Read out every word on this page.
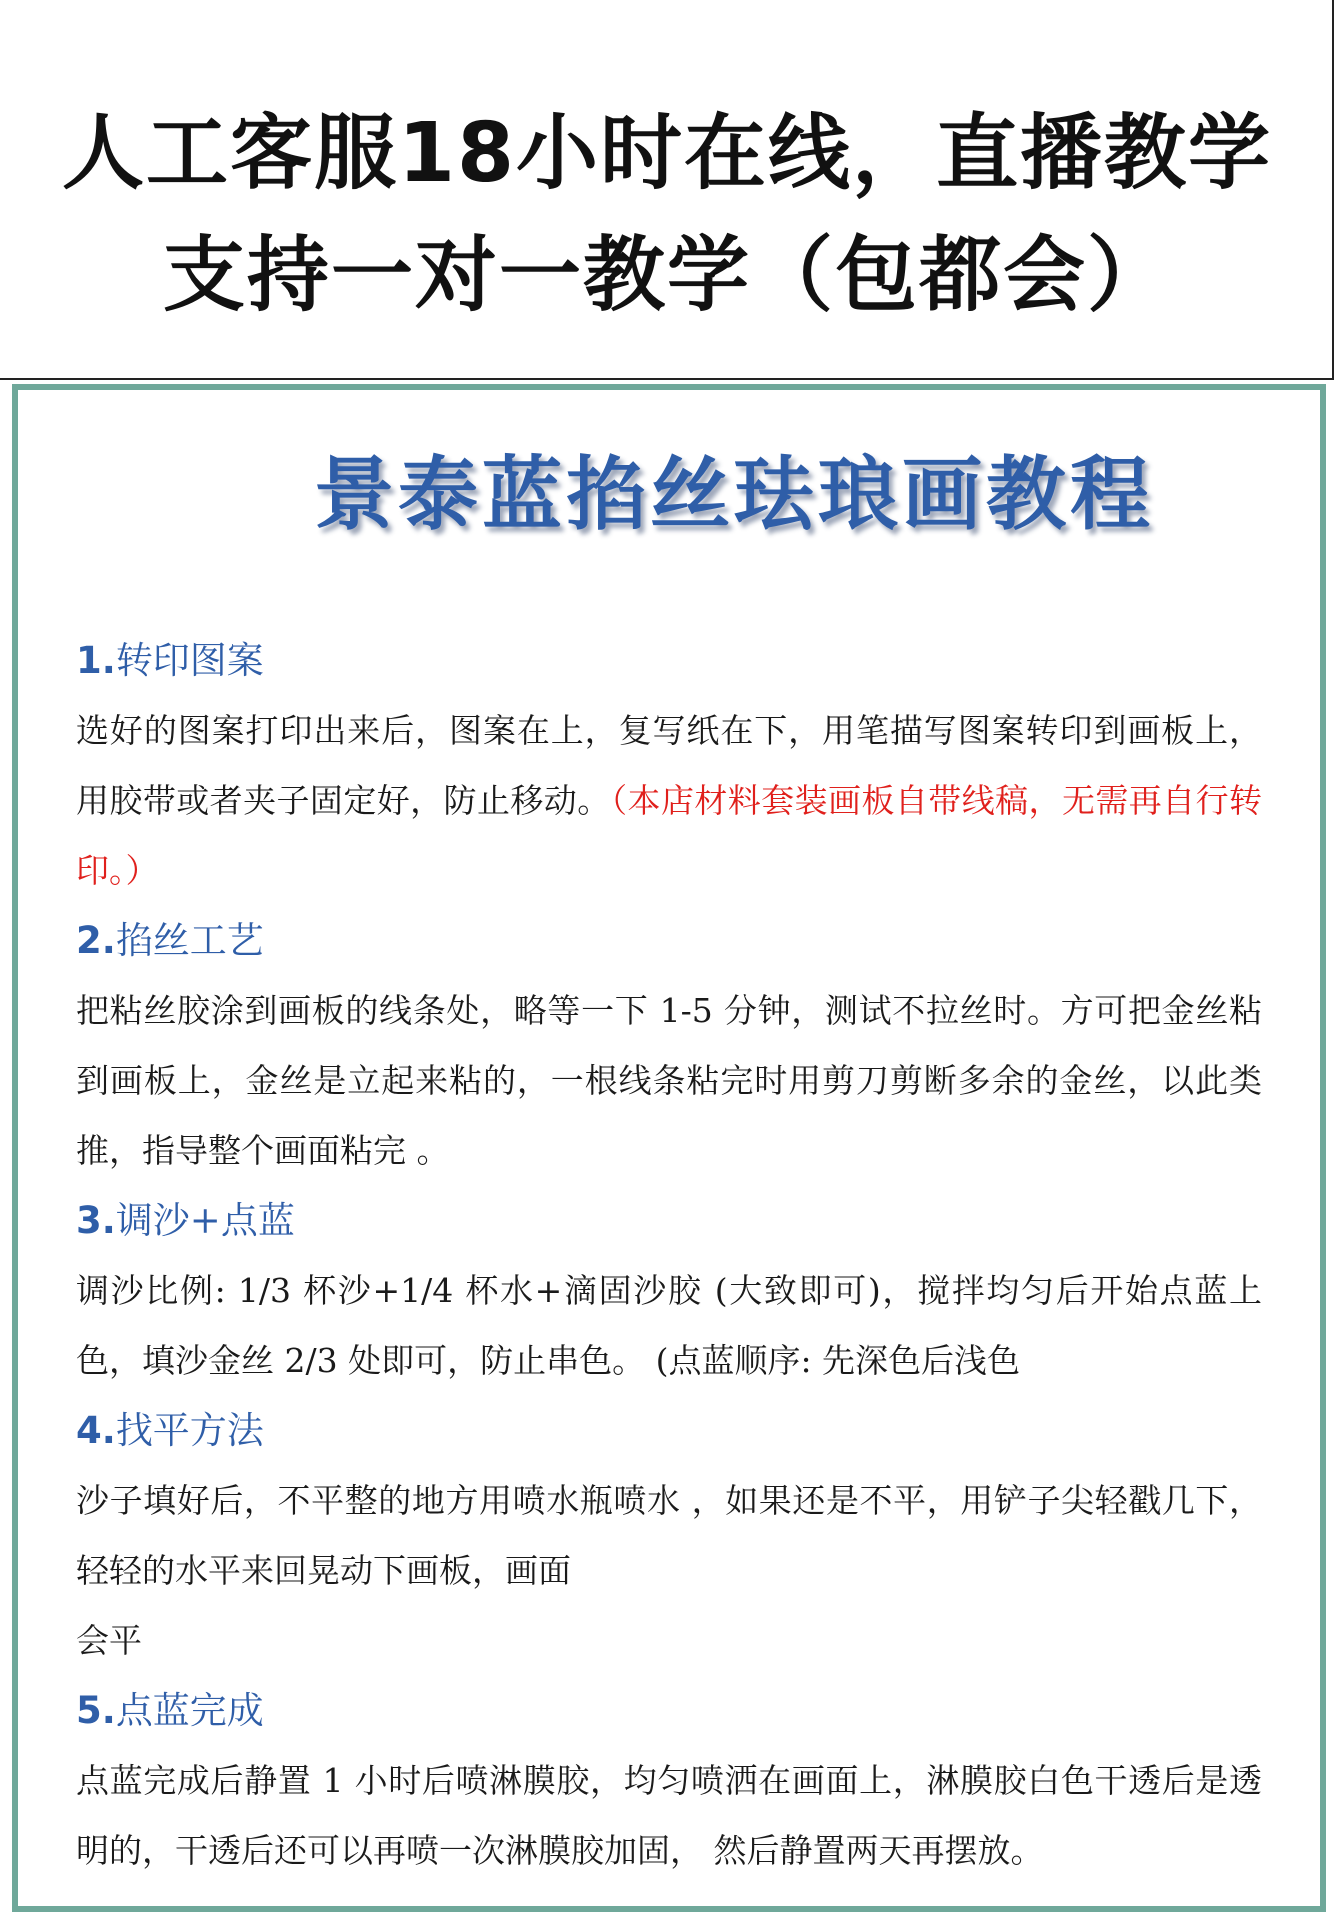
人工客服18小时在线，直播教学
支持一对一教学（包都会）
景泰蓝掐丝珐琅画教程
1.转印图案
选好的图案打印出来后，图案在上，复写纸在下，用笔描写图案转印到画板上，用胶带或者夹子固定好，防止移动。（本店材料套装画板自带线稿，无需再自行转印。）
2.掐丝工艺
把粘丝胶涂到画板的线条处，略等一下 1-5 分钟，测试不拉丝时。方可把金丝粘到画板上，金丝是立起来粘的，一根线条粘完时用剪刀剪断多余的金丝，以此类推，指导整个画面粘完 。
3.调沙+点蓝
调沙比例: 1/3 杯沙+1/4 杯水+滴固沙胶 (大致即可)，搅拌均匀后开始点蓝上色，填沙金丝 2/3 处即可，防止串色。 (点蓝顺序: 先深色后浅色
4.找平方法
沙子填好后，不平整的地方用喷水瓶喷水 ，如果还是不平，用铲子尖轻戳几下，轻轻的水平来回晃动下画板，画面
会平
5.点蓝完成
点蓝完成后静置 1 小时后喷淋膜胶，均匀喷洒在画面上，淋膜胶白色干透后是透明的，干透后还可以再喷一次淋膜胶加固， 然后静置两天再摆放。
